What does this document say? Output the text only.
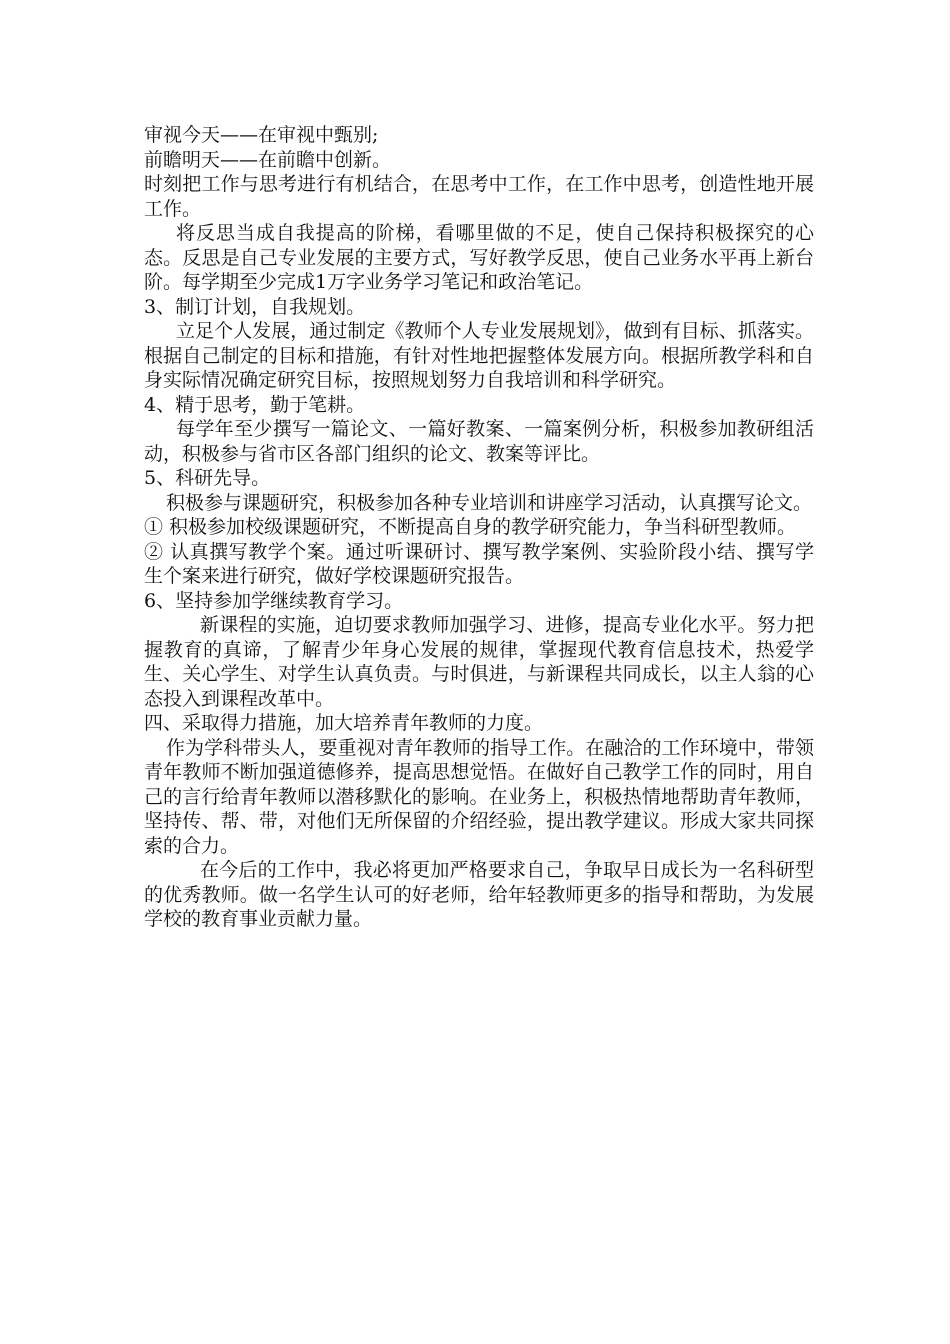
审视今天——在审视中甄别;

前瞻明天——在前瞻中创新。

时刻把工作与思考进行有机结合，在思考中工作，在工作中思考，创造性地开展工作。

将反思当成自我提高的阶梯，看哪里做的不足，使自己保持积极探究的心态。反思是自己专业发展的主要方式，写好教学反思，使自己业务水平再上新台阶。每学期至少完成1万字业务学习笔记和政治笔记。

3、制订计划，自我规划。

立足个人发展，通过制定《教师个人专业发展规划》，做到有目标、抓落实。根据自己制定的目标和措施，有针对性地把握整体发展方向。根据所教学科和自身实际情况确定研究目标，按照规划努力自我培训和科学研究。

4、精于思考，勤于笔耕。

每学年至少撰写一篇论文、一篇好教案、一篇案例分析，积极参加教研组活动，积极参与省市区各部门组织的论文、教案等评比。

5、科研先导。

积极参与课题研究，积极参加各种专业培训和讲座学习活动，认真撰写论文。

① 积极参加校级课题研究，不断提高自身的教学研究能力，争当科研型教师。

② 认真撰写教学个案。通过听课研讨、撰写教学案例、实验阶段小结、撰写学生个案来进行研究，做好学校课题研究报告。

6、坚持参加学继续教育学习。

新课程的实施，迫切要求教师加强学习、进修，提高专业化水平。努力把握教育的真谛，了解青少年身心发展的规律，掌握现代教育信息技术，热爱学生、关心学生、对学生认真负责。与时俱进，与新课程共同成长，以主人翁的心态投入到课程改革中。

四、采取得力措施，加大培养青年教师的力度。

作为学科带头人，要重视对青年教师的指导工作。在融洽的工作环境中，带领青年教师不断加强道德修养，提高思想觉悟。在做好自己教学工作的同时，用自己的言行给青年教师以潜移默化的影响。在业务上，积极热情地帮助青年教师，坚持传、帮、带，对他们无所保留的介绍经验，提出教学建议。形成大家共同探索的合力。

在今后的工作中，我必将更加严格要求自己，争取早日成长为一名科研型的优秀教师。做一名学生认可的好老师，给年轻教师更多的指导和帮助，为发展学校的教育事业贡献力量。
